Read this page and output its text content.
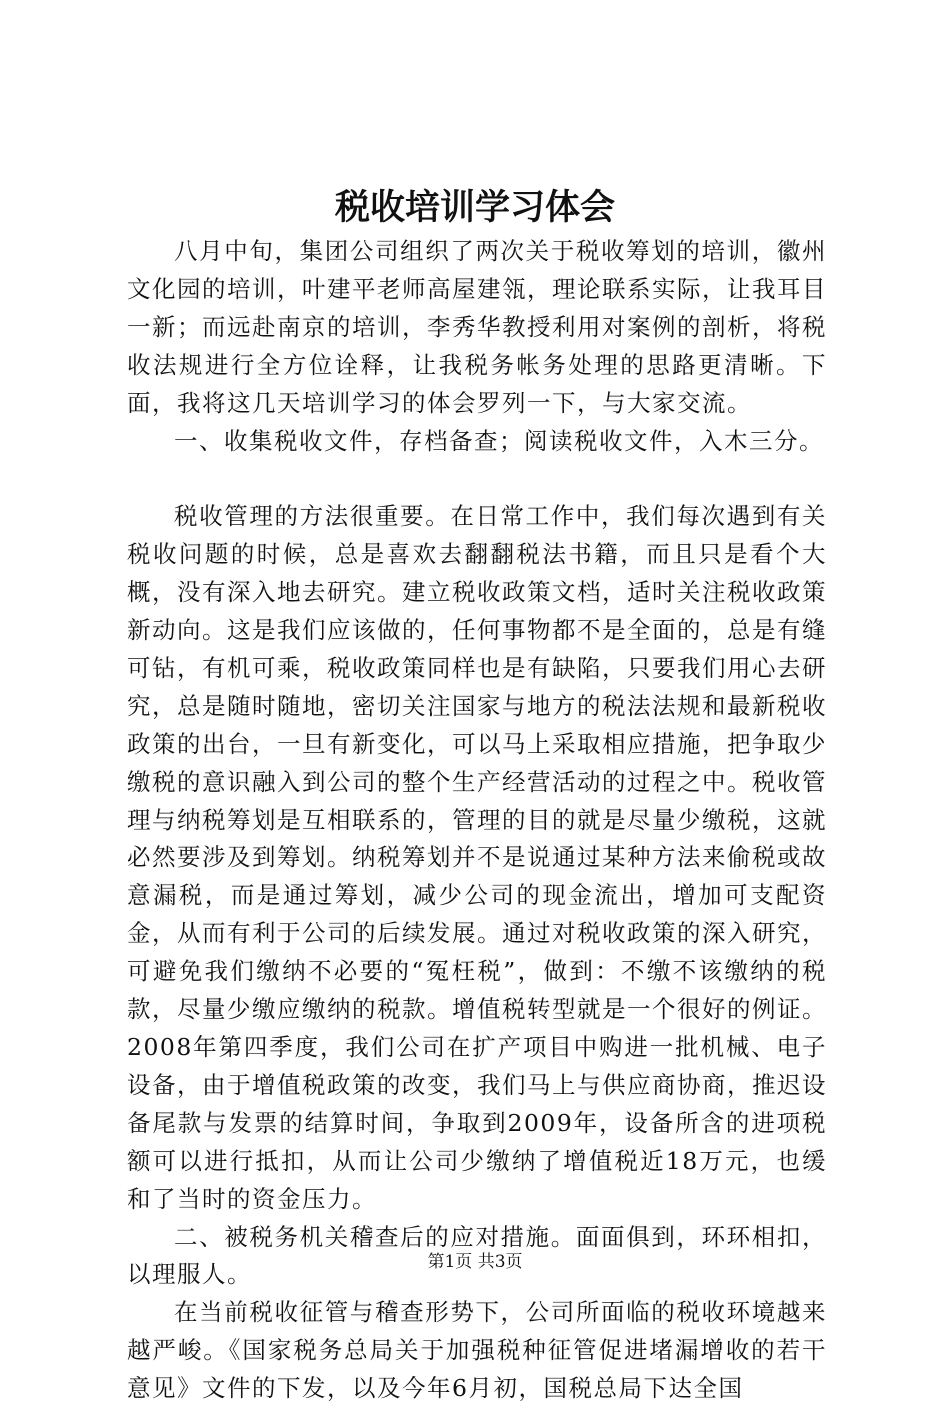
税收培训学习体会

八月中旬，集团公司组织了两次关于税收筹划的培训，徽州文化园的培训，叶建平老师高屋建瓴，理论联系实际，让我耳目一新；而远赴南京的培训，李秀华教授利用对案例的剖析，将税收法规进行全方位诠释，让我税务帐务处理的思路更清晰。下面，我将这几天培训学习的体会罗列一下，与大家交流。

一、收集税收文件，存档备查；阅读税收文件，入木三分。

税收管理的方法很重要。在日常工作中，我们每次遇到有关税收问题的时候，总是喜欢去翻翻税法书籍，而且只是看个大概，没有深入地去研究。建立税收政策文档，适时关注税收政策新动向。这是我们应该做的，任何事物都不是全面的，总是有缝可钻，有机可乘，税收政策同样也是有缺陷，只要我们用心去研究，总是随时随地，密切关注国家与地方的税法法规和最新税收政策的出台，一旦有新变化，可以马上采取相应措施，把争取少缴税的意识融入到公司的整个生产经营活动的过程之中。税收管理与纳税筹划是互相联系的，管理的目的就是尽量少缴税，这就必然要涉及到筹划。纳税筹划并不是说通过某种方法来偷税或故意漏税，而是通过筹划，减少公司的现金流出，增加可支配资金，从而有利于公司的后续发展。通过对税收政策的深入研究，可避免我们缴纳不必要的“冤枉税”，做到：不缴不该缴纳的税款，尽量少缴应缴纳的税款。增值税转型就是一个很好的例证。2008年第四季度，我们公司在扩产项目中购进一批机械、电子设备，由于增值税政策的改变，我们马上与供应商协商，推迟设备尾款与发票的结算时间，争取到2009年，设备所含的进项税额可以进行抵扣，从而让公司少缴纳了增值税近18万元，也缓和了当时的资金压力。

二、被税务机关稽查后的应对措施。面面俱到，环环相扣，以理服人。

在当前税收征管与稽查形势下，公司所面临的税收环境越来越严峻。《国家税务总局关于加强税种征管促进堵漏增收的若干意见》文件的下发，以及今年6月初，国税总局下达全国

第1页 共3页
